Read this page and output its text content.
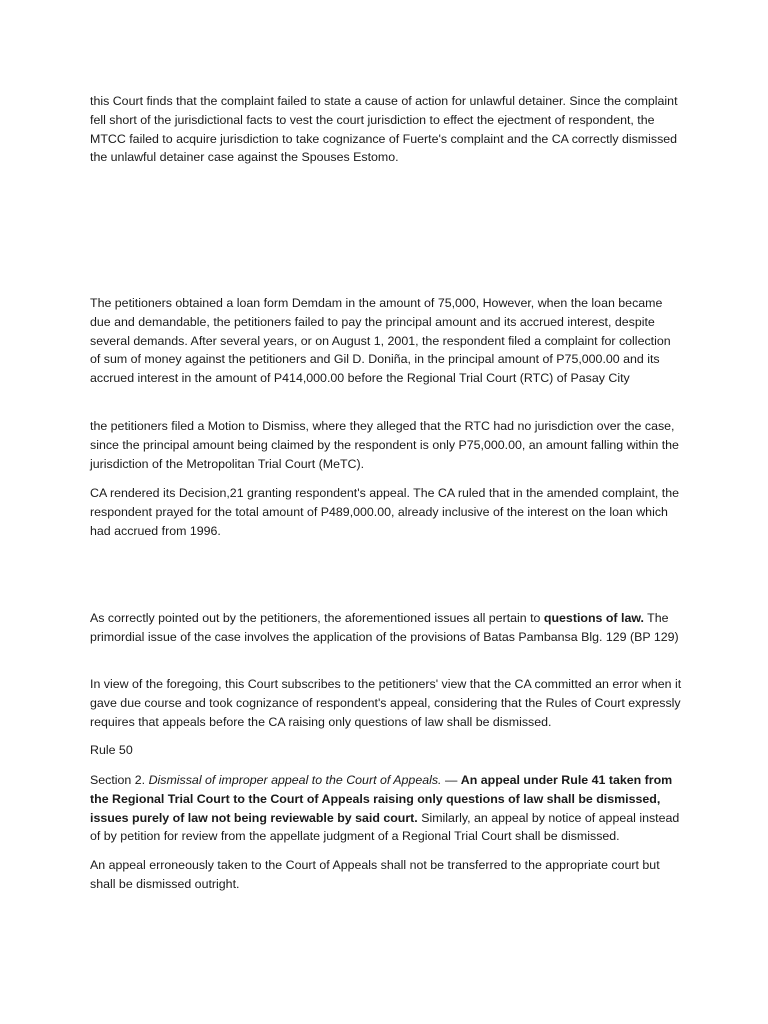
this Court finds that the complaint failed to state a cause of action for unlawful detainer. Since the complaint fell short of the jurisdictional facts to vest the court jurisdiction to effect the ejectment of respondent, the MTCC failed to acquire jurisdiction to take cognizance of Fuerte's complaint and the CA correctly dismissed the unlawful detainer case against the Spouses Estomo.

The petitioners obtained a loan form Demdam in the amount of 75,000, However, when the loan became due and demandable, the petitioners failed to pay the principal amount and its accrued interest, despite several demands. After several years, or on August 1, 2001, the respondent filed a complaint for collection of sum of money against the petitioners and Gil D. Doniña, in the principal amount of P75,000.00 and its accrued interest in the amount of P414,000.00 before the Regional Trial Court (RTC) of Pasay City

the petitioners filed a Motion to Dismiss, where they alleged that the RTC had no jurisdiction over the case, since the principal amount being claimed by the respondent is only P75,000.00, an amount falling within the jurisdiction of the Metropolitan Trial Court (MeTC).

CA rendered its Decision,21 granting respondent's appeal. The CA ruled that in the amended complaint, the respondent prayed for the total amount of P489,000.00, already inclusive of the interest on the loan which had accrued from 1996.

As correctly pointed out by the petitioners, the aforementioned issues all pertain to questions of law. The primordial issue of the case involves the application of the provisions of Batas Pambansa Blg. 129 (BP 129)

In view of the foregoing, this Court subscribes to the petitioners' view that the CA committed an error when it gave due course and took cognizance of respondent's appeal, considering that the Rules of Court expressly requires that appeals before the CA raising only questions of law shall be dismissed.

Rule 50

Section 2. Dismissal of improper appeal to the Court of Appeals. — An appeal under Rule 41 taken from the Regional Trial Court to the Court of Appeals raising only questions of law shall be dismissed, issues purely of law not being reviewable by said court. Similarly, an appeal by notice of appeal instead of by petition for review from the appellate judgment of a Regional Trial Court shall be dismissed.

An appeal erroneously taken to the Court of Appeals shall not be transferred to the appropriate court but shall be dismissed outright.
